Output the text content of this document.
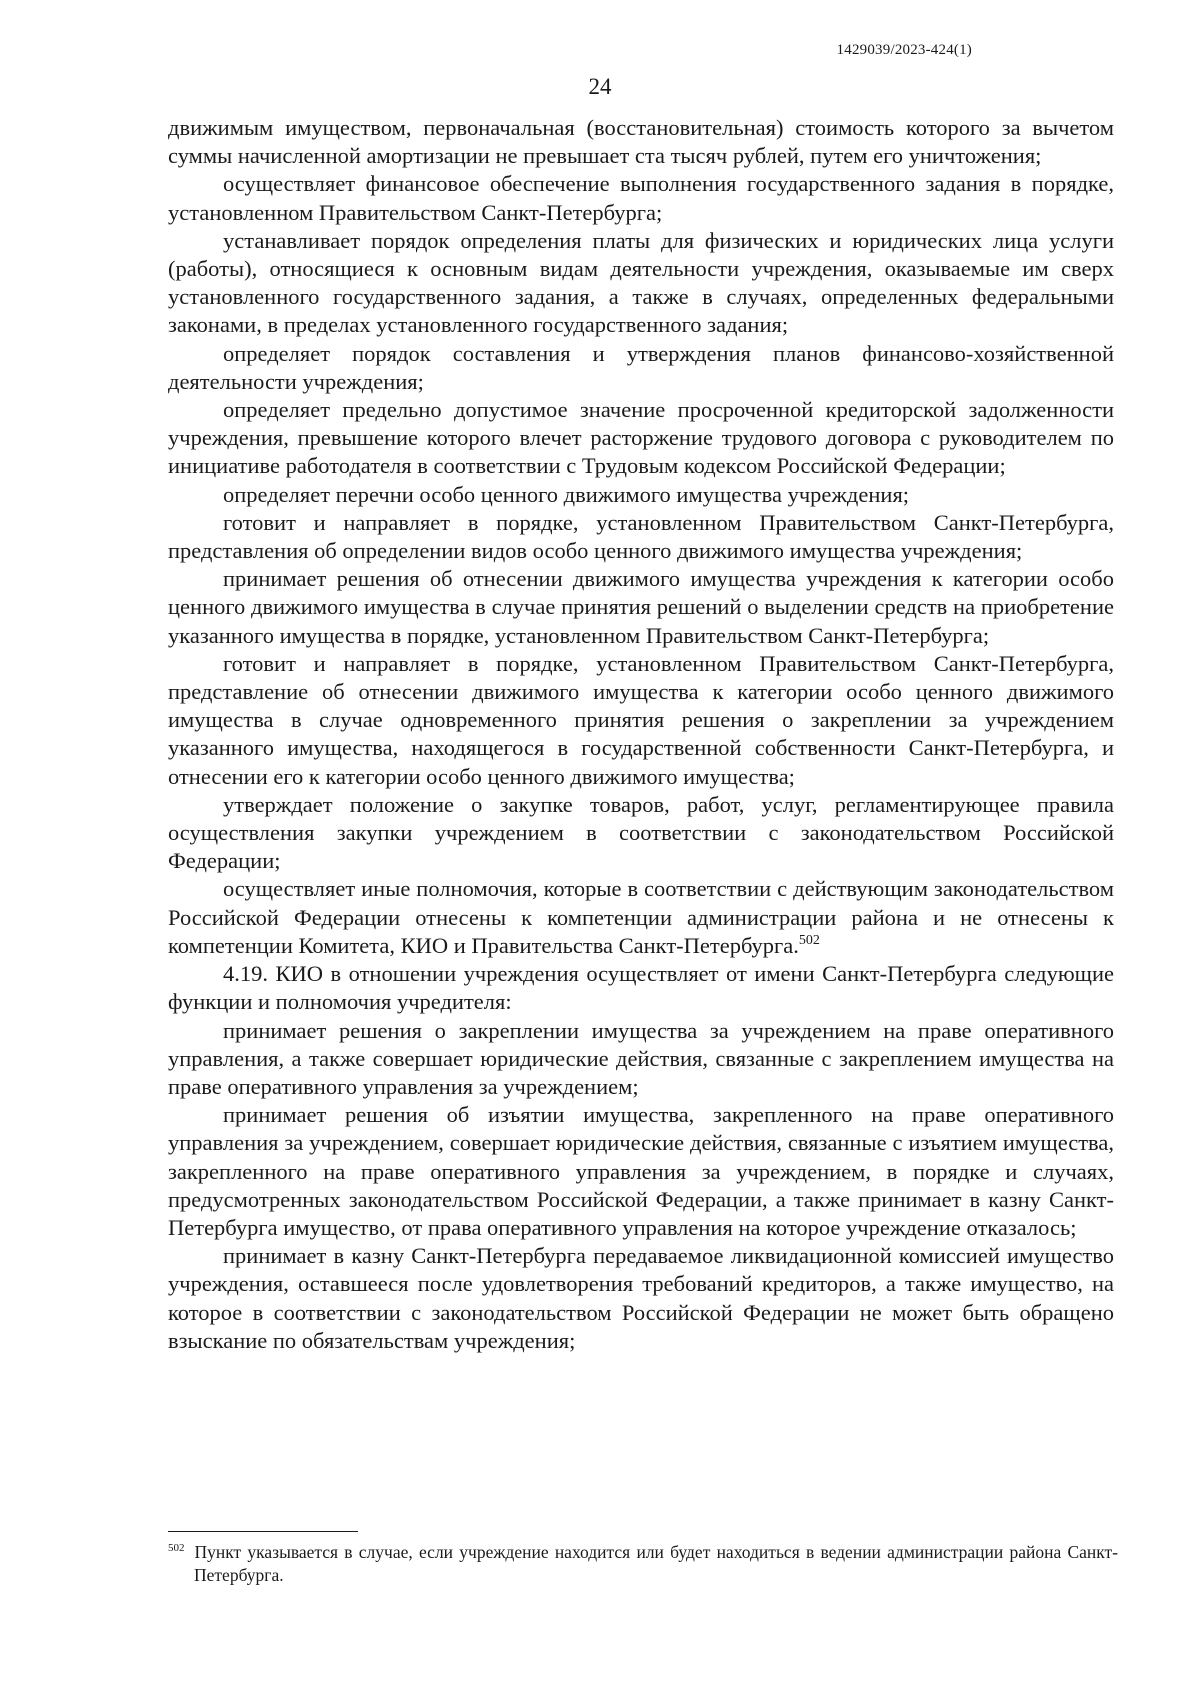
1429039/2023-424(1)
24

движимым имуществом, первоначальная (восстановительная) стоимость которого за вычетом суммы начисленной амортизации не превышает ста тысяч рублей, путем его уничтожения;

осуществляет финансовое обеспечение выполнения государственного задания в порядке, установленном Правительством Санкт-Петербурга;

устанавливает порядок определения платы для физических и юридических лица услуги (работы), относящиеся к основным видам деятельности учреждения, оказываемые им сверх установленного государственного задания, а также в случаях, определенных федеральными законами, в пределах установленного государственного задания;

определяет порядок составления и утверждения планов финансово-хозяйственной деятельности учреждения;

определяет предельно допустимое значение просроченной кредиторской задолженности учреждения, превышение которого влечет расторжение трудового договора с руководителем по инициативе работодателя в соответствии с Трудовым кодексом Российской Федерации;

определяет перечни особо ценного движимого имущества учреждения;

готовит и направляет в порядке, установленном Правительством Санкт-Петербурга, представления об определении видов особо ценного движимого имущества учреждения;

принимает решения об отнесении движимого имущества учреждения к категории особо ценного движимого имущества в случае принятия решений о выделении средств на приобретение указанного имущества в порядке, установленном Правительством Санкт-Петербурга;

готовит и направляет в порядке, установленном Правительством Санкт-Петербурга, представление об отнесении движимого имущества к категории особо ценного движимого имущества в случае одновременного принятия решения о закреплении за учреждением указанного имущества, находящегося в государственной собственности Санкт-Петербурга, и отнесении его к категории особо ценного движимого имущества;

утверждает положение о закупке товаров, работ, услуг, регламентирующее правила осуществления закупки учреждением в соответствии с законодательством Российской Федерации;

осуществляет иные полномочия, которые в соответствии с действующим законодательством Российской Федерации отнесены к компетенции администрации района и не отнесены к компетенции Комитета, КИО и Правительства Санкт-Петербурга.$^{502}$

4.19. КИО в отношении учреждения осуществляет от имени Санкт-Петербурга следующие функции и полномочия учредителя:

принимает решения о закреплении имущества за учреждением на праве оперативного управления, а также совершает юридические действия, связанные с закреплением имущества на праве оперативного управления за учреждением;

принимает решения об изъятии имущества, закрепленного на праве оперативного управления за учреждением, совершает юридические действия, связанные с изъятием имущества, закрепленного на праве оперативного управления за учреждением, в порядке и случаях, предусмотренных законодательством Российской Федерации, а также принимает в казну Санкт-Петербурга имущество, от права оперативного управления на которое учреждение отказалось;

принимает в казну Санкт-Петербурга передаваемое ликвидационной комиссией имущество учреждения, оставшееся после удовлетворения требований кредиторов, а также имущество, на которое в соответствии с законодательством Российской Федерации не может быть обращено взыскание по обязательствам учреждения;

$^{502}$ Пункт указывается в случае, если учреждение находится или будет находиться в ведении администрации района Санкт-Петербурга.
